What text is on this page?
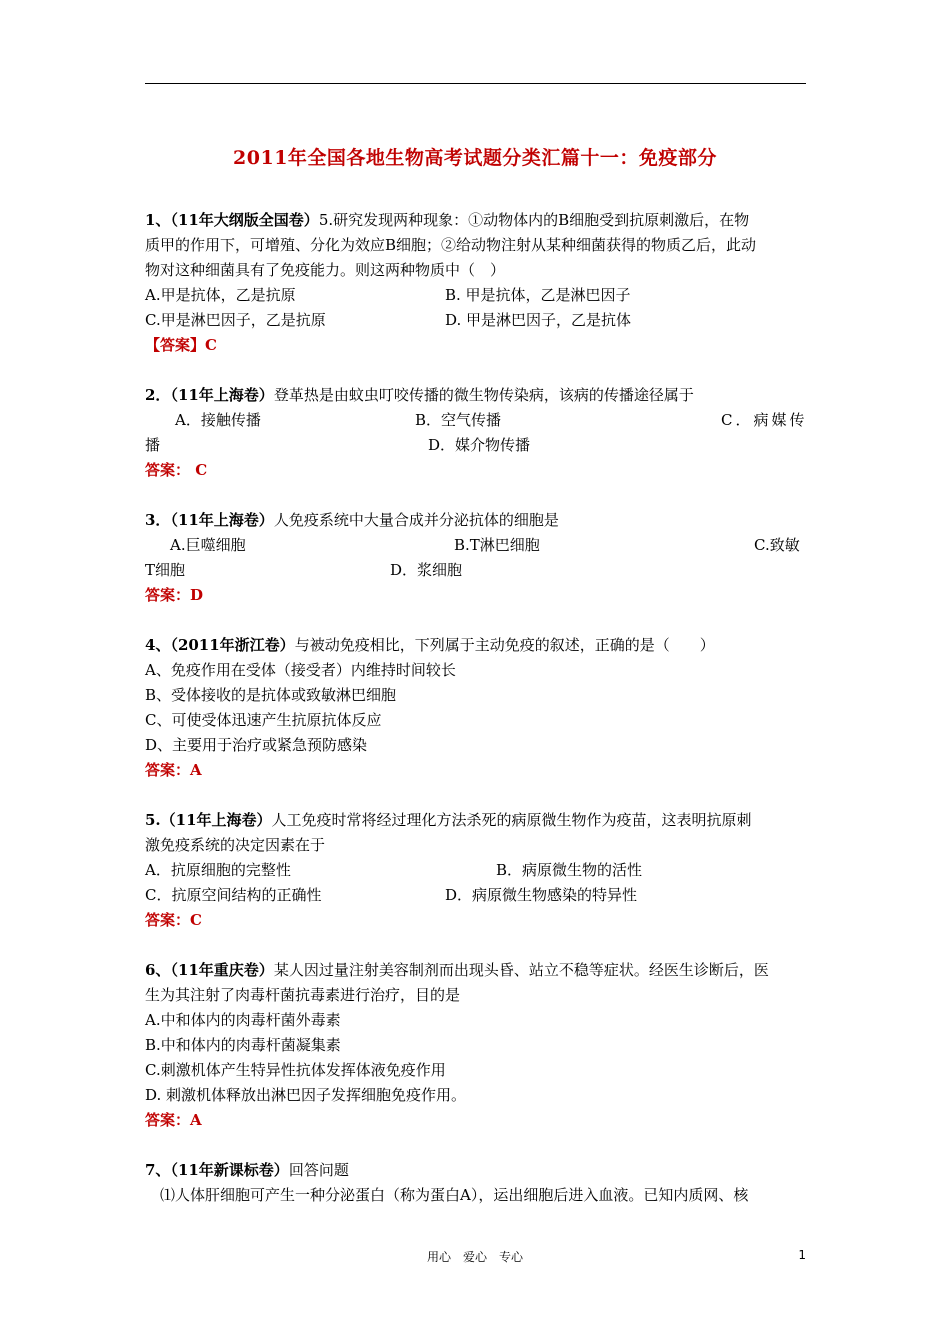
2011年全国各地生物高考试题分类汇篇十一：免疫部分
1、（11年大纲版全国卷）5.研究发现两种现象：①动物体内的B细胞受到抗原刺激后，在物
质甲的作用下，可增殖、分化为效应B细胞；②给动物注射从某种细菌获得的物质乙后，此动
物对这种细菌具有了免疫能力。则这两种物质中（　）
A.甲是抗体，乙是抗原	B. 甲是抗体，乙是淋巴因子
C.甲是淋巴因子，乙是抗原	D. 甲是淋巴因子，乙是抗体
【答案】C
2．（11年上海卷）登革热是由蚊虫叮咬传播的微生物传染病，该病的传播途径属于
A．接触传播	B．空气传播	C．病媒传
播	D．媒介物传播
答案： C
3．（11年上海卷）人免疫系统中大量合成并分泌抗体的细胞是
A.巨噬细胞	B.T淋巴细胞	C.致敏
T细胞	D．浆细胞
答案：D
4、（2011年浙江卷）与被动免疫相比，下列属于主动免疫的叙述，正确的是（　　）
A、免疫作用在受体（接受者）内维持时间较长
B、受体接收的是抗体或致敏淋巴细胞
C、可使受体迅速产生抗原抗体反应
D、主要用于治疗或紧急预防感染
答案：A
5.（11年上海卷）人工免疫时常将经过理化方法杀死的病原微生物作为疫苗，这表明抗原刺
激免疫系统的决定因素在于
A．抗原细胞的完整性	B．病原微生物的活性
C．抗原空间结构的正确性	D．病原微生物感染的特异性
答案：C
6、（11年重庆卷）某人因过量注射美容制剂而出现头昏、站立不稳等症状。经医生诊断后，医
生为其注射了肉毒杆菌抗毒素进行治疗，目的是
A.中和体内的肉毒杆菌外毒素
B.中和体内的肉毒杆菌凝集素
C.刺激机体产生特异性抗体发挥体液免疫作用
D. 刺激机体释放出淋巴因子发挥细胞免疫作用。
答案：A
7、（11年新课标卷）回答问题
⑴人体肝细胞可产生一种分泌蛋白（称为蛋白A），运出细胞后进入血液。已知内质网、核
用心　爱心　专心	1
